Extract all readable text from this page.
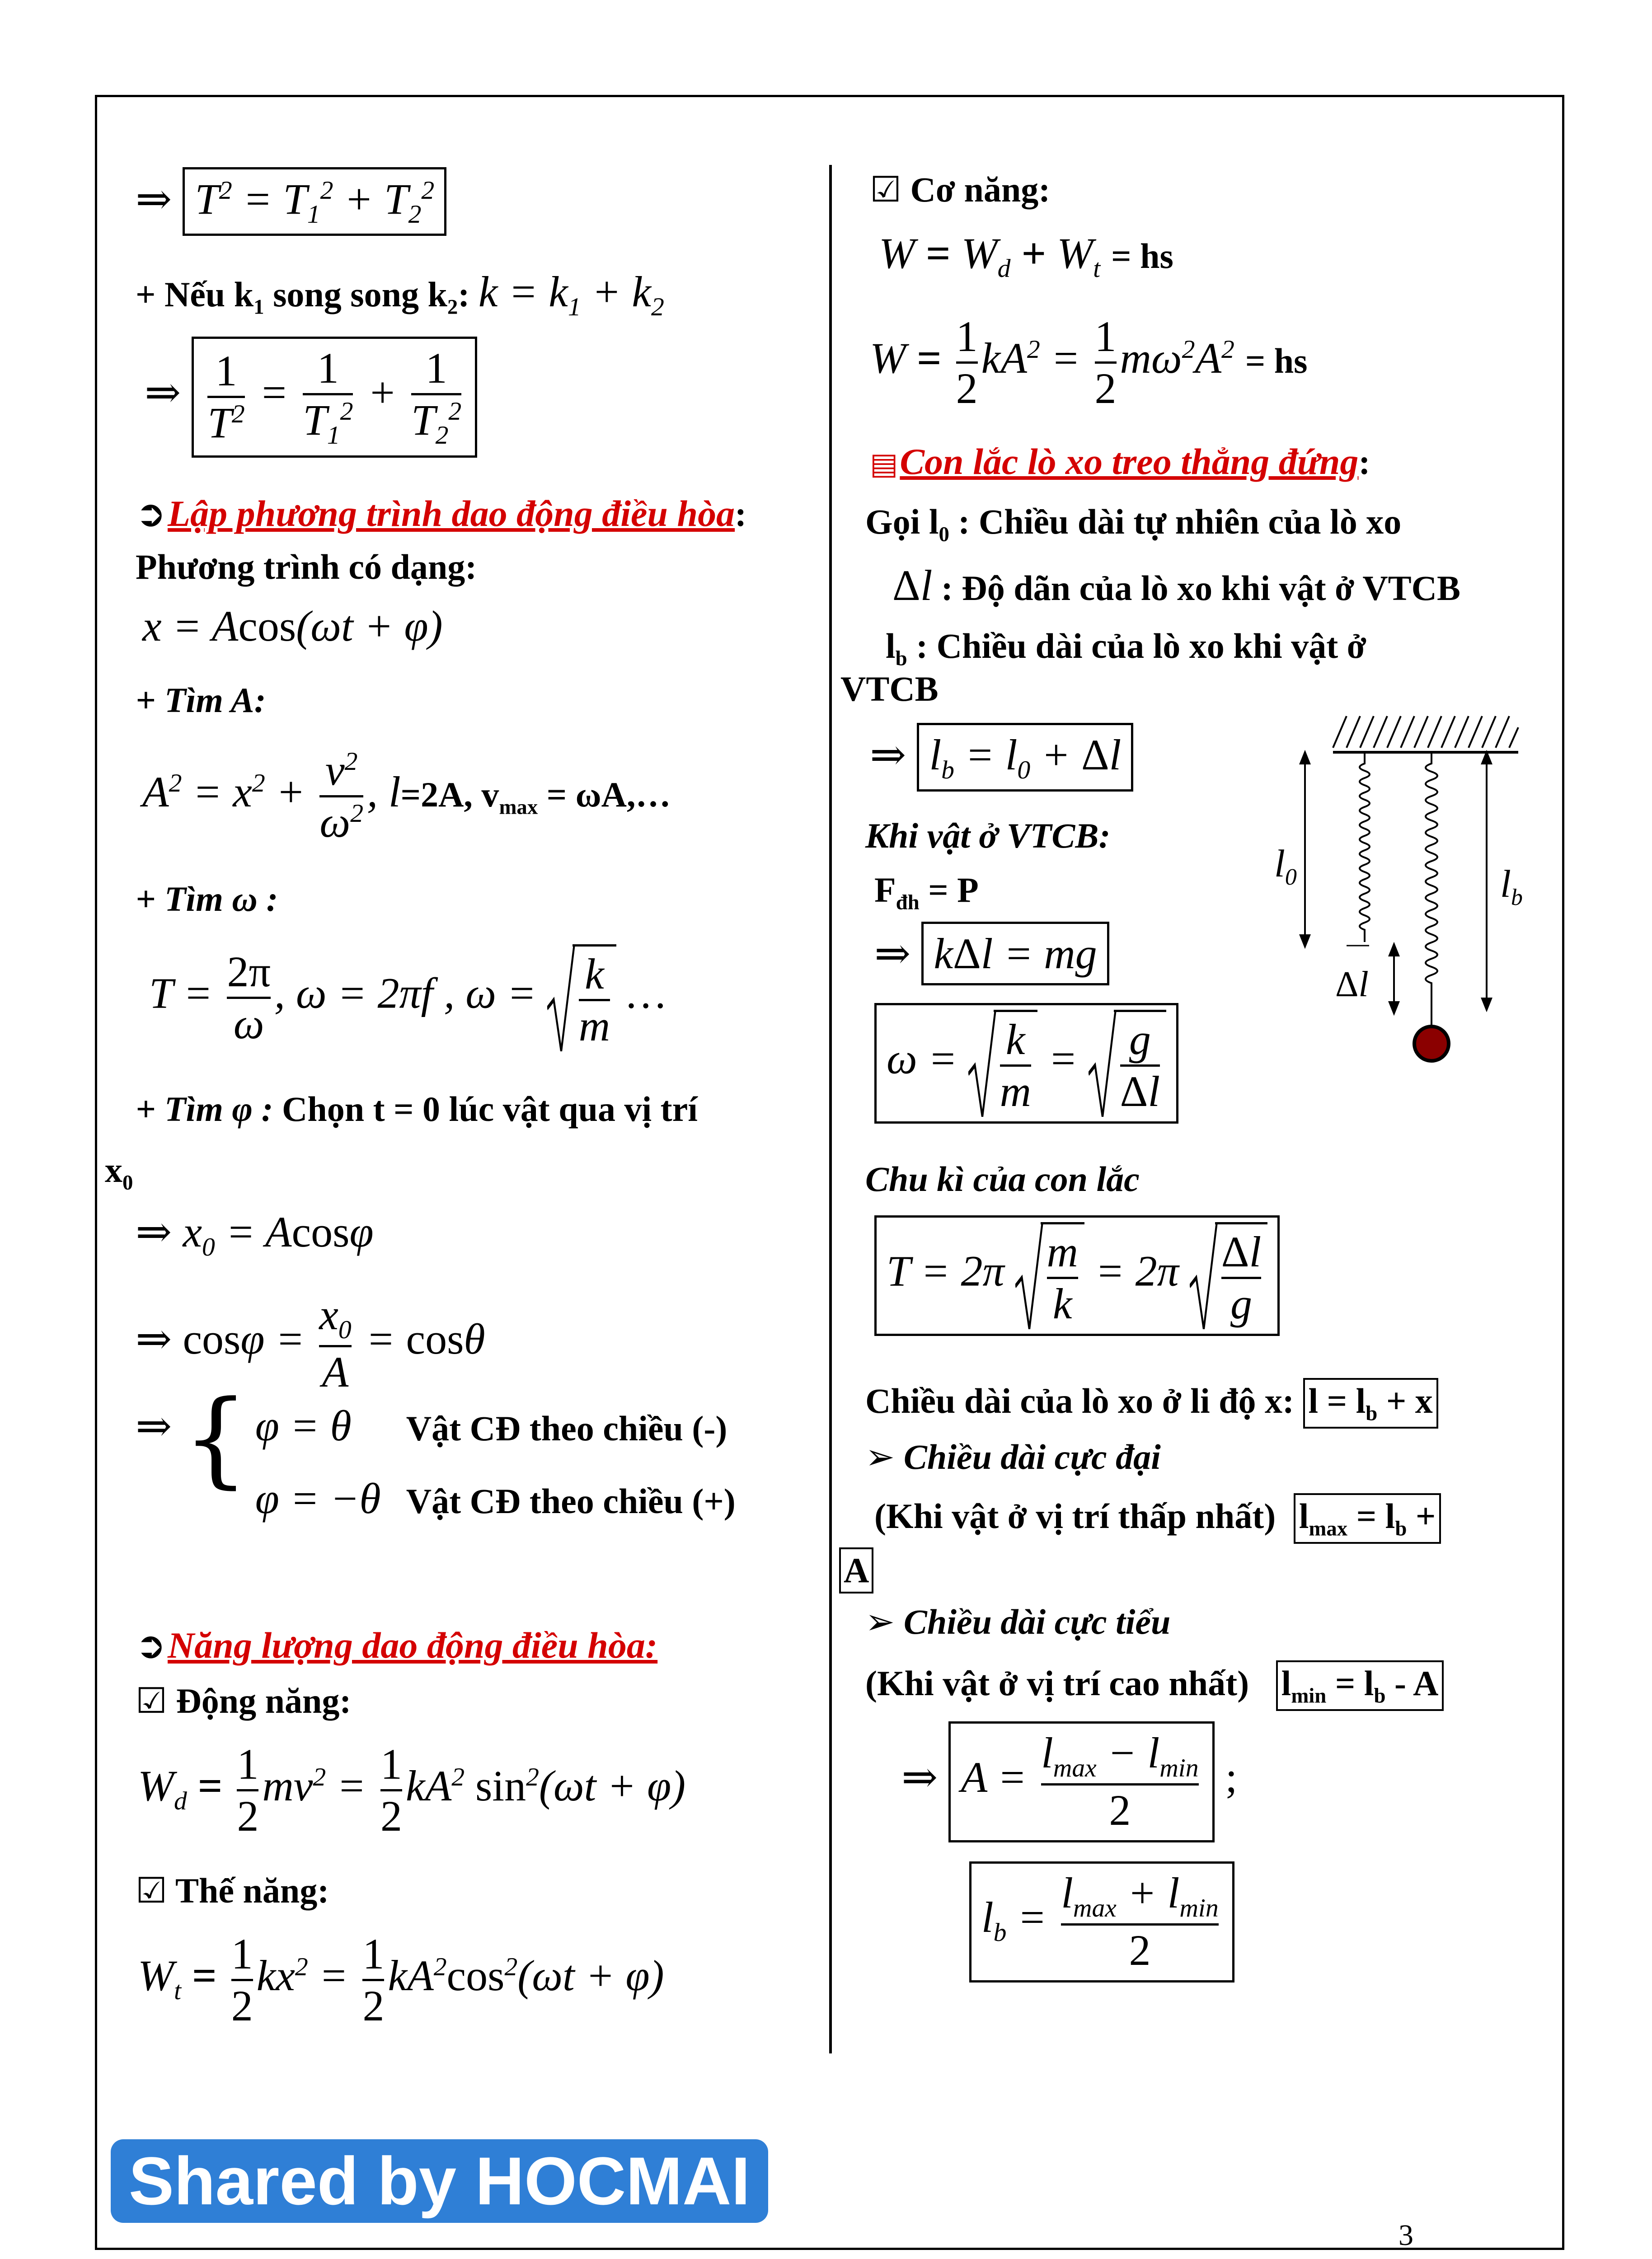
⇒ $T^2 = T_1^2 + T_2^2$
+ Nếu $k_1$ song song $k_2$: $k = k_1 + k_2$
⇒ $\frac{1}{T^2} = \frac{1}{T_1^2} + \frac{1}{T_2^2}$
➲ Lập phương trình dao động điều hòa:
Phương trình có dạng:
x = Acos(ωt + φ)
+ Tìm A:
$A^2 = x^2 + \frac{v^2}{\omega^2}$ , l=2A, $v_{max}$ = ωA,…
+ Tìm ω :
$T = \frac{2\pi}{\omega}$ , ω = 2πf , $\omega = \frac{k}{m}$ …
+ Tìm φ : Chọn t = 0 lúc vật qua vị trí
$x_0$
⇒ $x_0 = Acos\varphi$
⇒ $\cos\varphi = \frac{x_0}{A} = \cos\theta$
⇒ { φ = θ Vật CĐ theo chiều (-)
φ = −θ Vật CĐ theo chiều (+)
➲ Năng lượng dao động điều hòa:
☑ Động năng:
$W_d = \frac{1}{2} mv^2 = \frac{1}{2} kA^2$ $\sin^2(\omega t + \varphi)$
☑ Thế năng:
$W_t = \frac{1}{2} kx^2 = \frac{1}{2} kA^2\cos^2(\omega t + \varphi)$
☑ Cơ năng:
$W = W_d + W_t$ = hs
$W = \frac{1}{2} kA^2 = \frac{1}{2} m\omega^2A^2$ = hs
▤ Con lắc lò xo treo thẳng đứng:
Gọi $l_0$ : Chiều dài tự nhiên của lò xo
Δl : Độ dãn của lò xo khi vật ở VTCB
$l_b$ : Chiều dài của lò xo khi vật ở
VTCB
⇒ $l_b = l_0 + \Delta l$
Khi vật ở VTCB:
$F_{đh} = P$
⇒ kΔl = mg
$\omega = \frac{k}{m} = \frac{g}{\Delta l}$
Chu kì của con lắc
$T = 2\pi \frac{m}{k} = 2\pi \frac{\Delta l}{g}$
Chiều dài của lò xo ở li độ x: $l = l_b + x$
➢ Chiều dài cực đại
(Khi vật ở vị trí thấp nhất) $l_{max} = l_b$ +
A
➢ Chiều dài cực tiểu
(Khi vật ở vị trí cao nhất) $l_{min} = l_b - A$
⇒ $A = \frac{l_{max} - l_{min}}{2}$ ;
$l_b = \frac{l_{max} + l_{min}}{2}$
$l_0$	$l_b$
Δl
Shared by HOCMAI
3
